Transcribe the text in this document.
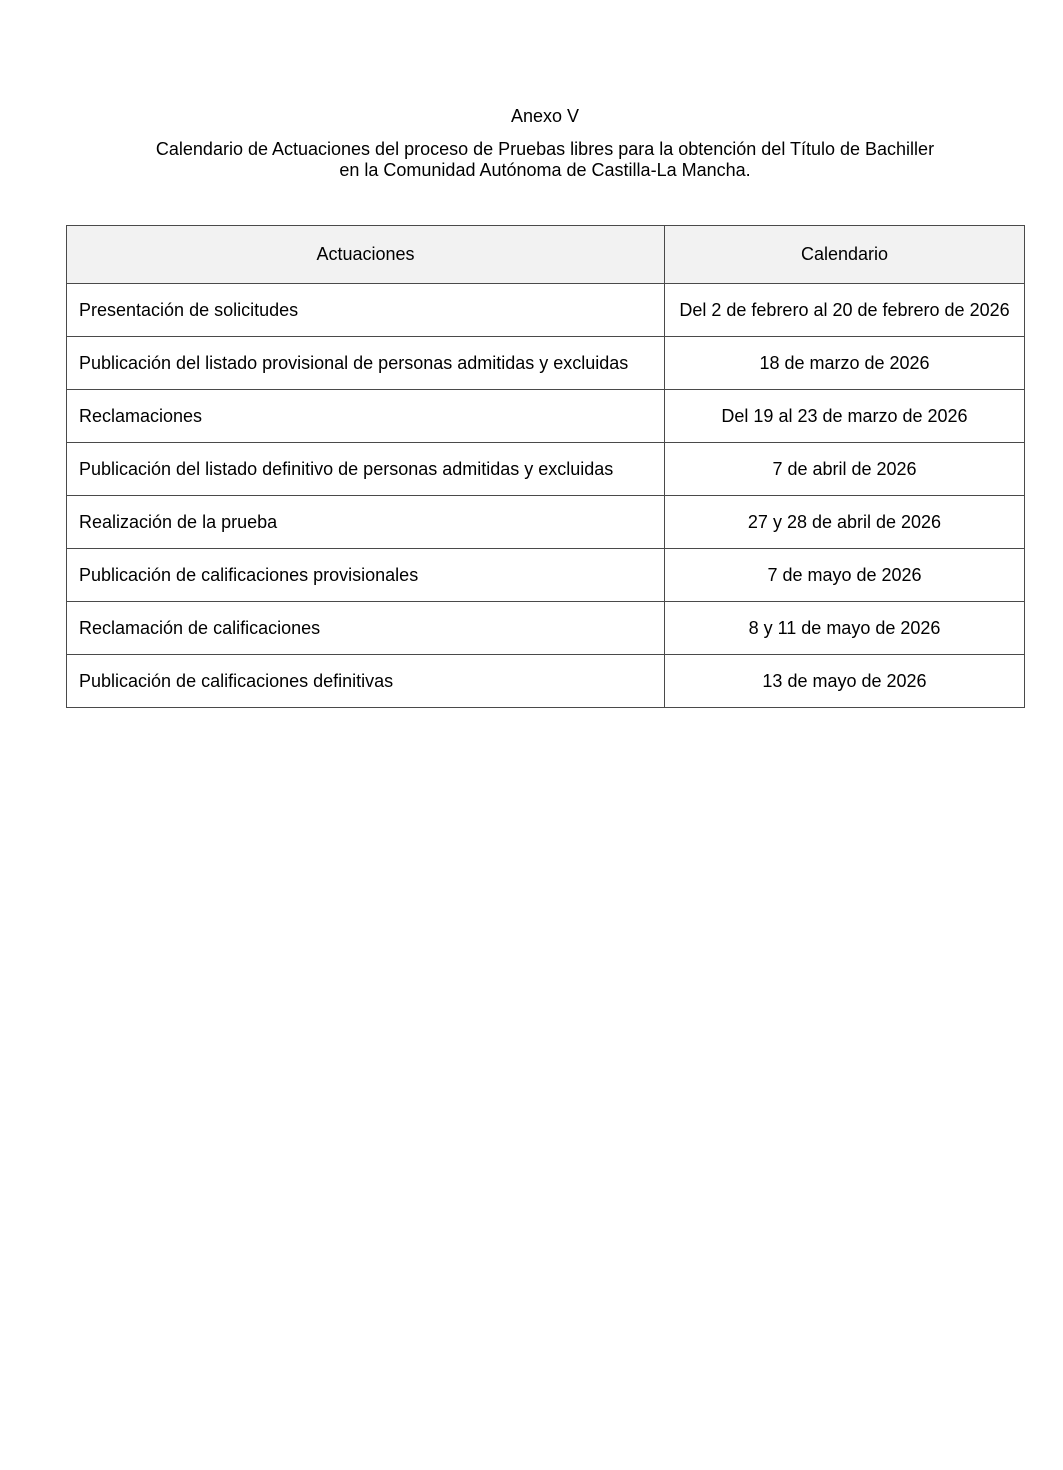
Anexo V
Calendario de Actuaciones del proceso de Pruebas libres para la obtención del Título de Bachiller
en la Comunidad Autónoma de Castilla-La Mancha.
Actuaciones	Calendario
Presentación de solicitudes	Del 2 de febrero al 20 de febrero de 2026
Publicación del listado provisional de personas admitidas y excluidas	18 de marzo de 2026
Reclamaciones	Del 19 al 23 de marzo de 2026
Publicación del listado definitivo de personas admitidas y excluidas	7 de abril de 2026
Realización de la prueba	27 y 28 de abril de 2026
Publicación de calificaciones provisionales	7 de mayo de 2026
Reclamación de calificaciones	8 y 11 de mayo de 2026
Publicación de calificaciones definitivas	13 de mayo de 2026
